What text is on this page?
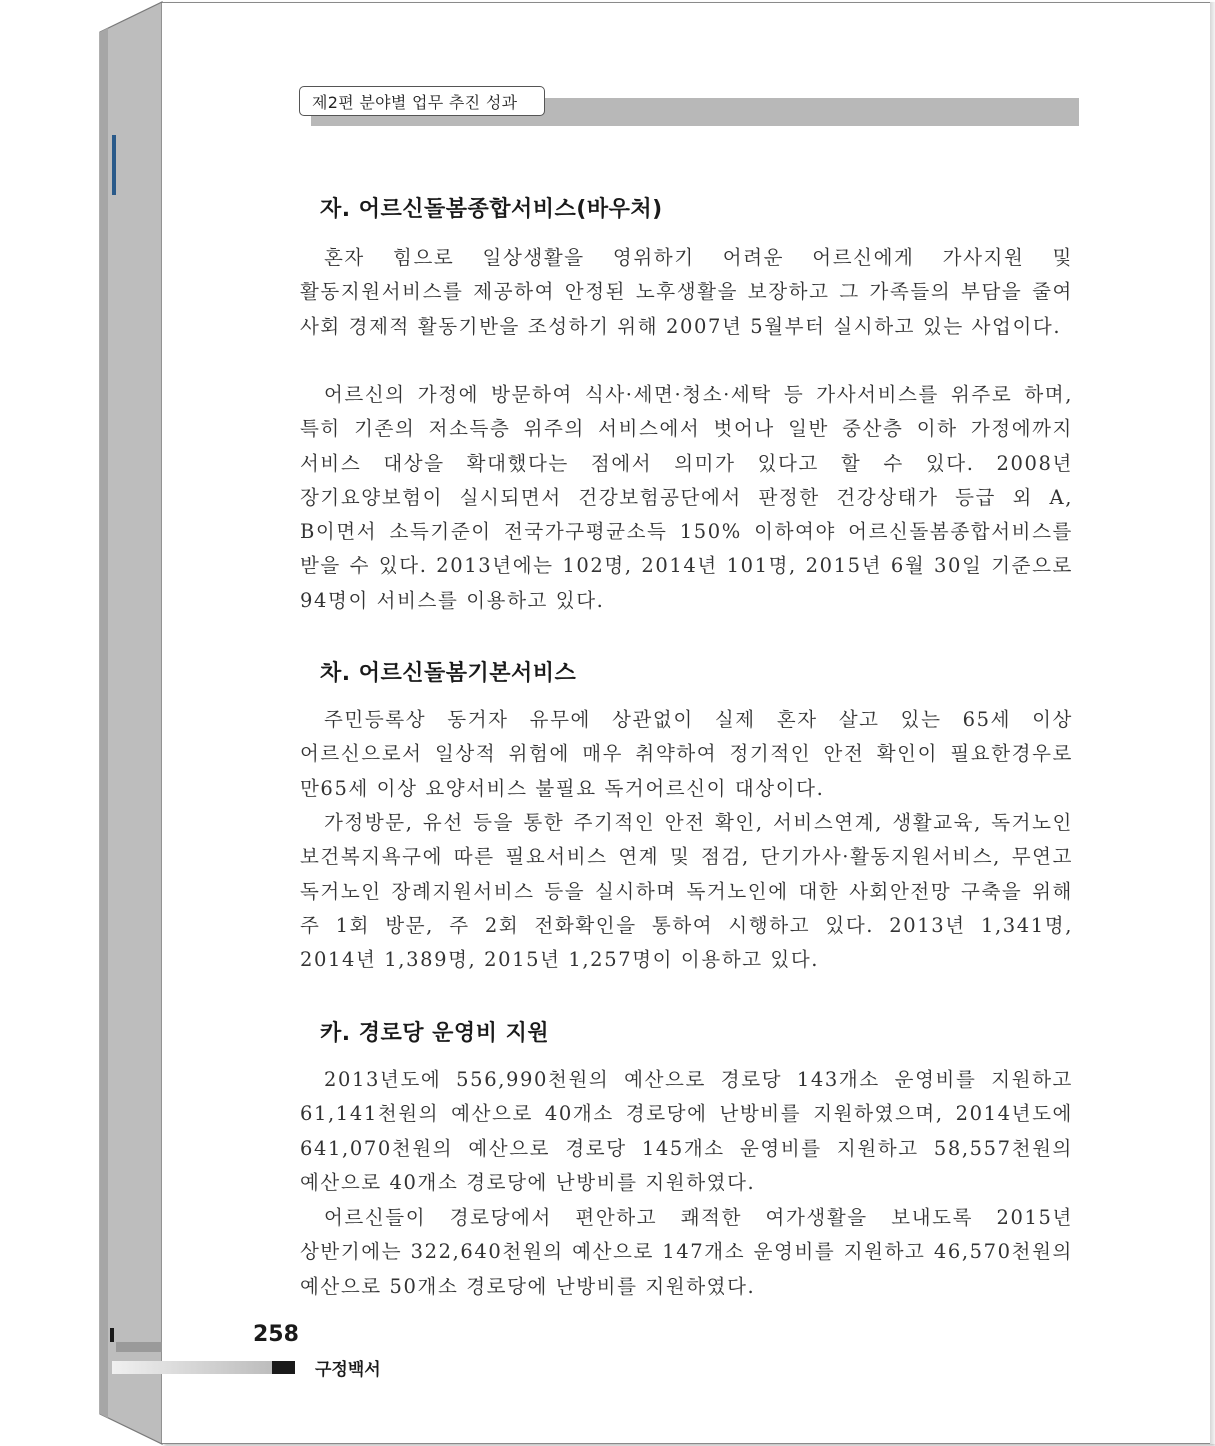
제2편 분야별 업무 추진 성과
자. 어르신돌봄종합서비스(바우처)

혼자 힘으로 일상생활을 영위하기 어려운 어르신에게 가사지원 및 활동지원서비스를 제공하여 안정된 노후생활을 보장하고 그 가족들의 부담을 줄여 사회 경제적 활동기반을 조성하기 위해 2007년 5월부터 실시하고 있는 사업이다.

어르신의 가정에 방문하여 식사·세면·청소·세탁 등 가사서비스를 위주로 하며, 특히 기존의 저소득층 위주의 서비스에서 벗어나 일반 중산층 이하 가정에까지 서비스 대상을 확대했다는 점에서 의미가 있다고 할 수 있다. 2008년 장기요양보험이 실시되면서 건강보험공단에서 판정한 건강상태가 등급 외 A, B이면서 소득기준이 전국가구평균소득 150% 이하여야 어르신돌봄종합서비스를 받을 수 있다. 2013년에는 102명, 2014년 101명, 2015년 6월 30일 기준으로 94명이 서비스를 이용하고 있다.

차. 어르신돌봄기본서비스

주민등록상 동거자 유무에 상관없이 실제 혼자 살고 있는 65세 이상 어르신으로서 일상적 위험에 매우 취약하여 정기적인 안전 확인이 필요한경우로 만65세 이상 요양서비스 불필요 독거어르신이 대상이다.

가정방문, 유선 등을 통한 주기적인 안전 확인, 서비스연계, 생활교육, 독거노인 보건복지욕구에 따른 필요서비스 연계 및 점검, 단기가사·활동지원서비스, 무연고 독거노인 장례지원서비스 등을 실시하며 독거노인에 대한 사회안전망 구축을 위해 주 1회 방문, 주 2회 전화확인을 통하여 시행하고 있다. 2013년 1,341명, 2014년 1,389명, 2015년 1,257명이 이용하고 있다.

카. 경로당 운영비 지원

2013년도에 556,990천원의 예산으로 경로당 143개소 운영비를 지원하고 61,141천원의 예산으로 40개소 경로당에 난방비를 지원하였으며, 2014년도에 641,070천원의 예산으로 경로당 145개소 운영비를 지원하고 58,557천원의 예산으로 40개소 경로당에 난방비를 지원하였다.

어르신들이 경로당에서 편안하고 쾌적한 여가생활을 보내도록 2015년 상반기에는 322,640천원의 예산으로 147개소 운영비를 지원하고 46,570천원의 예산으로 50개소 경로당에 난방비를 지원하였다.

258
구정백서
